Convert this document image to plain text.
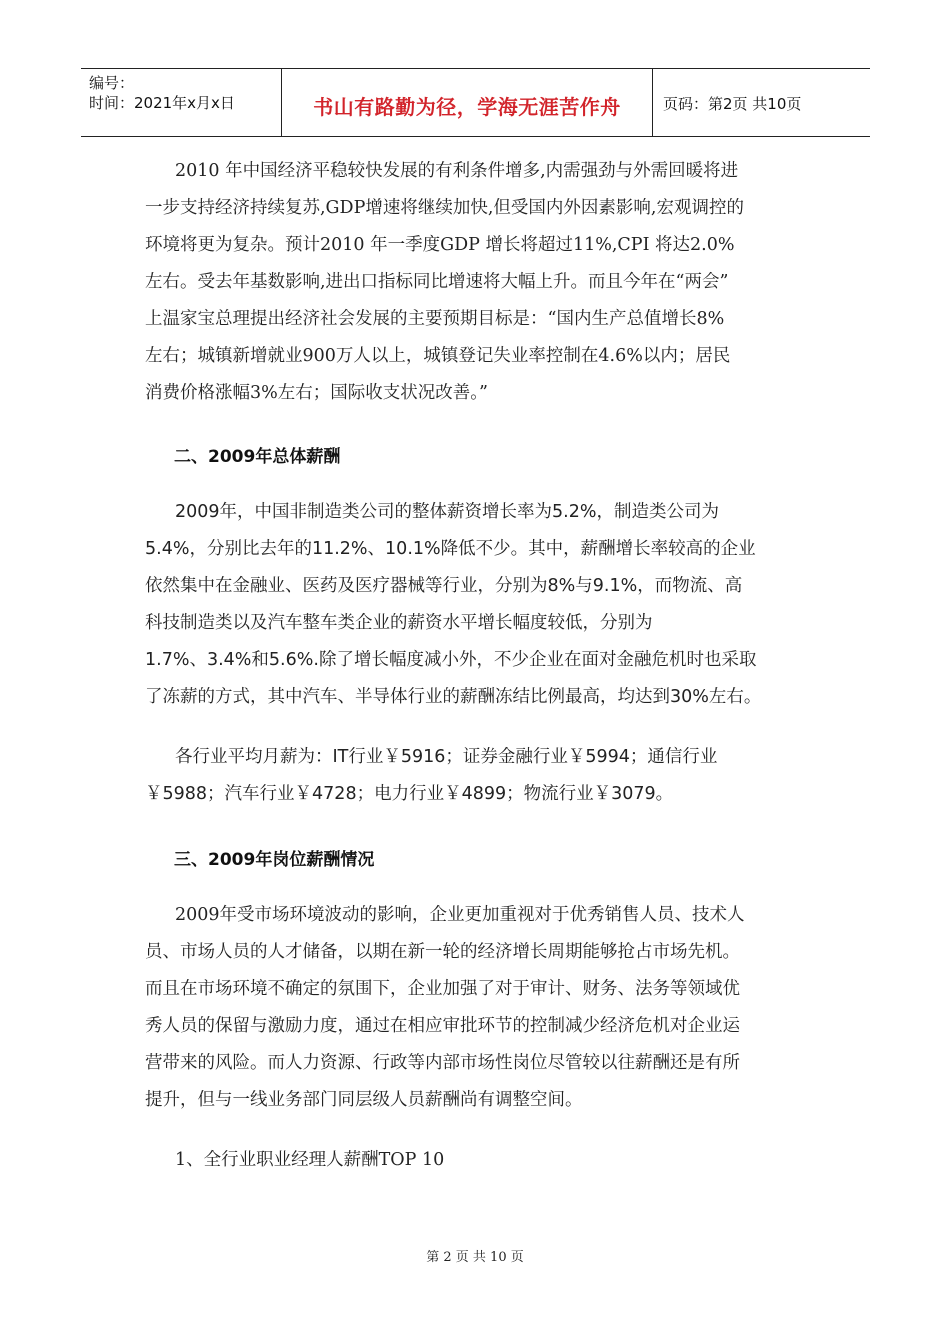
编号：
时间：2021年x月x日	书山有路勤为径，学海无涯苦作舟	页码：第2页 共10页
2010 年中国经济平稳较快发展的有利条件增多,内需强劲与外需回暖将进
一步支持经济持续复苏,GDP增速将继续加快,但受国内外因素影响,宏观调控的
环境将更为复杂。预计2010 年一季度GDP 增长将超过11%,CPI 将达2.0%
左右。受去年基数影响,进出口指标同比增速将大幅上升。而且今年在“两会”
上温家宝总理提出经济社会发展的主要预期目标是：“国内生产总值增长8%
左右；城镇新增就业900万人以上，城镇登记失业率控制在4.6%以内；居民
消费价格涨幅3%左右；国际收支状况改善。”
二、2009年总体薪酬
2009年，中国非制造类公司的整体薪资增长率为5.2%，制造类公司为
5.4%，分别比去年的11.2%、10.1%降低不少。其中，薪酬增长率较高的企业
依然集中在金融业、医药及医疗器械等行业，分别为8%与9.1%，而物流、高
科技制造类以及汽车整车类企业的薪资水平增长幅度较低，分别为
1.7%、3.4%和5.6%.除了增长幅度减小外，不少企业在面对金融危机时也采取
了冻薪的方式，其中汽车、半导体行业的薪酬冻结比例最高，均达到30%左右。
各行业平均月薪为：IT行业￥5916；证券金融行业￥5994；通信行业
￥5988；汽车行业￥4728；电力行业￥4899；物流行业￥3079。
三、2009年岗位薪酬情况
2009年受市场环境波动的影响，企业更加重视对于优秀销售人员、技术人
员、市场人员的人才储备，以期在新一轮的经济增长周期能够抢占市场先机。
而且在市场环境不确定的氛围下，企业加强了对于审计、财务、法务等领域优
秀人员的保留与激励力度，通过在相应审批环节的控制减少经济危机对企业运
营带来的风险。而人力资源、行政等内部市场性岗位尽管较以往薪酬还是有所
提升，但与一线业务部门同层级人员薪酬尚有调整空间。
1、全行业职业经理人薪酬TOP 10
第 2 页 共 10 页
